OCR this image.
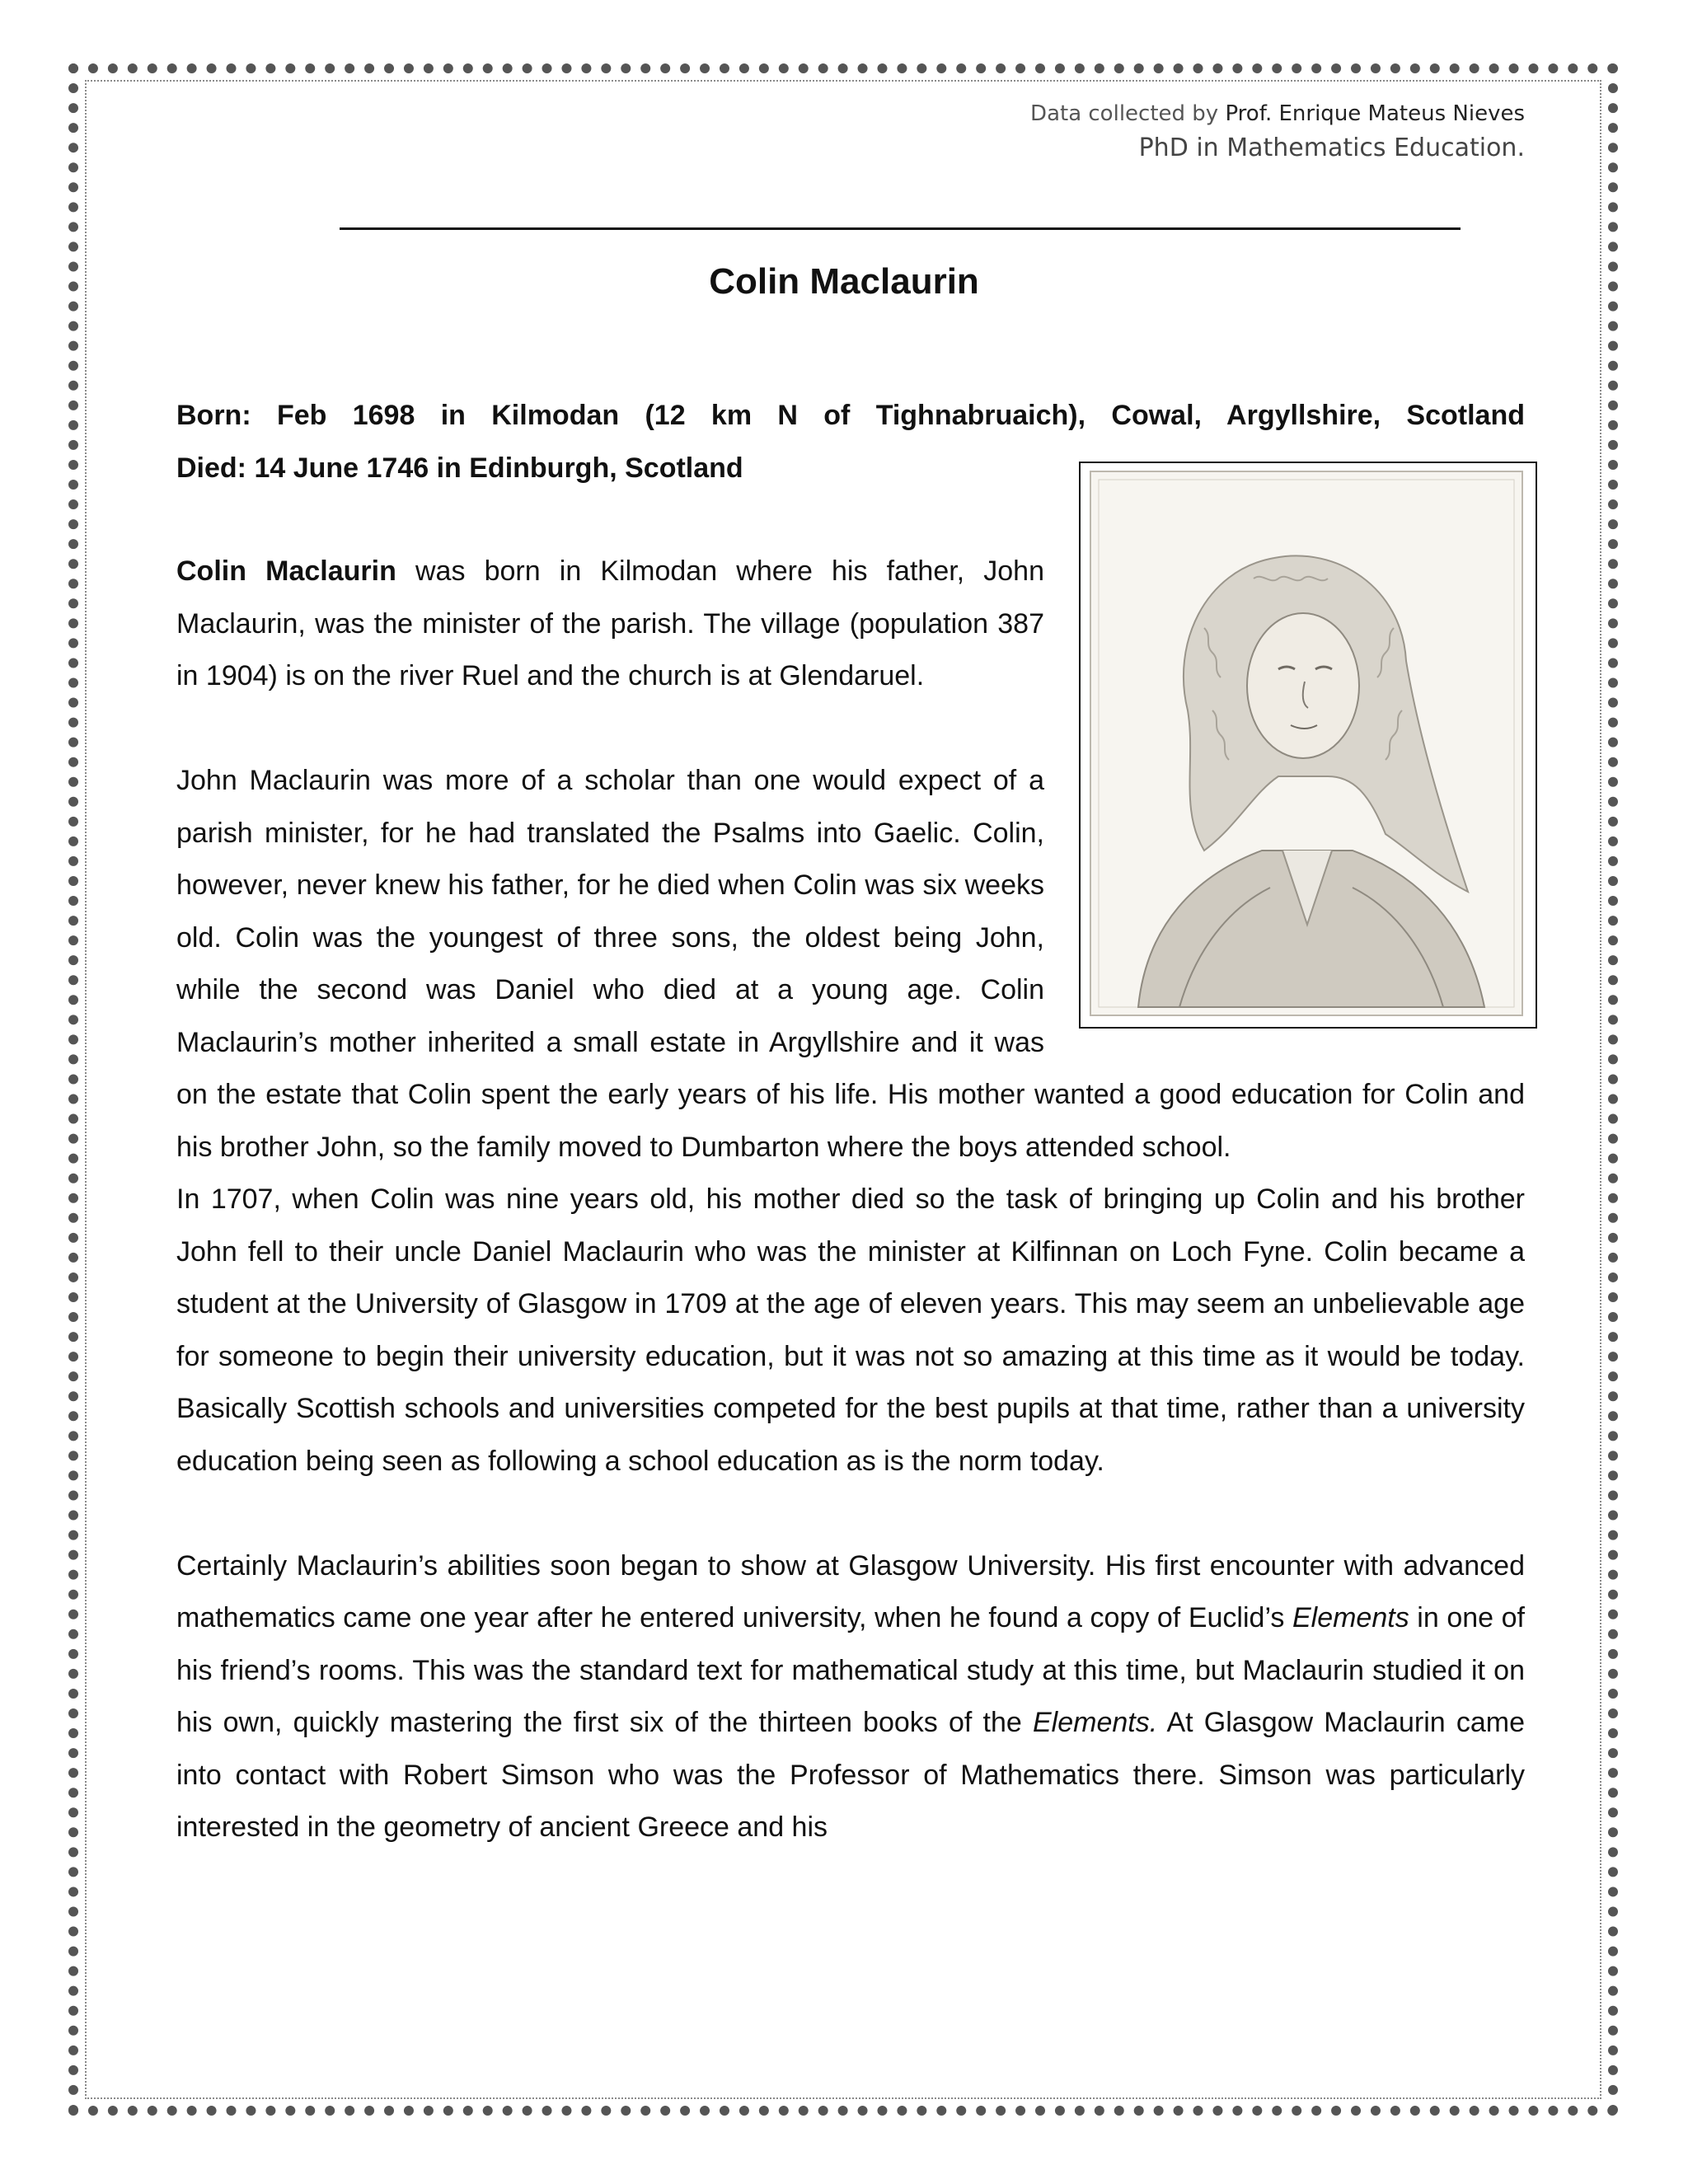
Data collected by Prof. Enrique Mateus Nieves
PhD in Mathematics Education.
Colin Maclaurin
Born: Feb 1698 in Kilmodan (12 km N of Tighnabruaich), Cowal, Argyllshire, Scotland
Died: 14 June 1746 in Edinburgh, Scotland

Colin Maclaurin was born in Kilmodan where his father, John Maclaurin, was the minister of the parish. The village (population 387 in 1904) is on the river Ruel and the church is at Glendaruel.

John Maclaurin was more of a scholar than one would expect of a parish minister, for he had translated the Psalms into Gaelic. Colin, however, never knew his father, for he died when Colin was six weeks old. Colin was the youngest of three sons, the oldest being John, while the second was Daniel who died at a young age. Colin Maclaurin’s mother inherited a small estate in Argyllshire and it was on the estate that Colin spent the early years of his life. His mother wanted a good education for Colin and his brother John, so the family moved to Dumbarton where the boys attended school.

In 1707, when Colin was nine years old, his mother died so the task of bringing up Colin and his brother John fell to their uncle Daniel Maclaurin who was the minister at Kilfinnan on Loch Fyne. Colin became a student at the University of Glasgow in 1709 at the age of eleven years. This may seem an unbelievable age for someone to begin their university education, but it was not so amazing at this time as it would be today. Basically Scottish schools and universities competed for the best pupils at that time, rather than a university education being seen as following a school education as is the norm today.

Certainly Maclaurin’s abilities soon began to show at Glasgow University. His first encounter with advanced mathematics came one year after he entered university, when he found a copy of Euclid’s Elements in one of his friend’s rooms. This was the standard text for mathematical study at this time, but Maclaurin studied it on his own, quickly mastering the first six of the thirteen books of the Elements. At Glasgow Maclaurin came into contact with Robert Simson who was the Professor of Mathematics there. Simson was particularly interested in the geometry of ancient Greece and his
